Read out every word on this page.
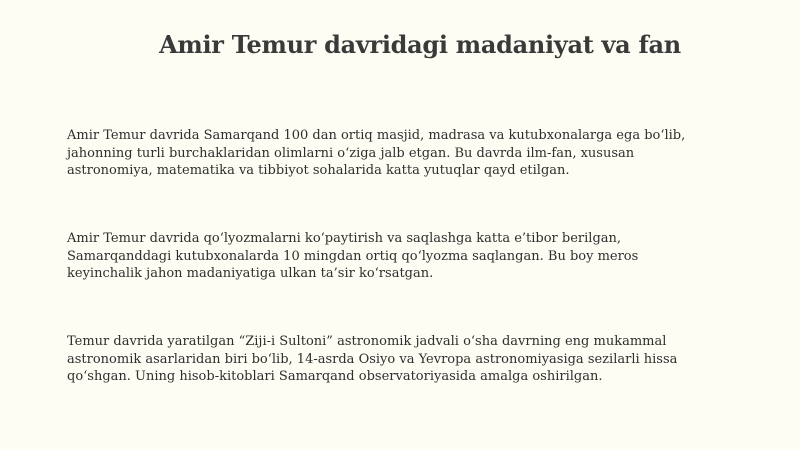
Amir Temur davridagi madaniyat va fan

Amir Temur davrida Samarqand 100 dan ortiq masjid, madrasa va kutubxonalarga ega bo‘lib,
jahonning turli burchaklaridan olimlarni o‘ziga jalb etgan. Bu davrda ilm-fan, xususan
astronomiya, matematika va tibbiyot sohalarida katta yutuqlar qayd etilgan.

Amir Temur davrida qo‘lyozmalarni ko‘paytirish va saqlashga katta e’tibor berilgan,
Samarqanddagi kutubxonalarda 10 mingdan ortiq qo‘lyozma saqlangan. Bu boy meros
keyinchalik jahon madaniyatiga ulkan ta’sir ko‘rsatgan.

Temur davrida yaratilgan “Ziji-i Sultoni” astronomik jadvali o‘sha davrning eng mukammal
astronomik asarlaridan biri bo‘lib, 14-asrda Osiyo va Yevropa astronomiyasiga sezilarli hissa
qo‘shgan. Uning hisob-kitoblari Samarqand observatoriyasida amalga oshirilgan.
